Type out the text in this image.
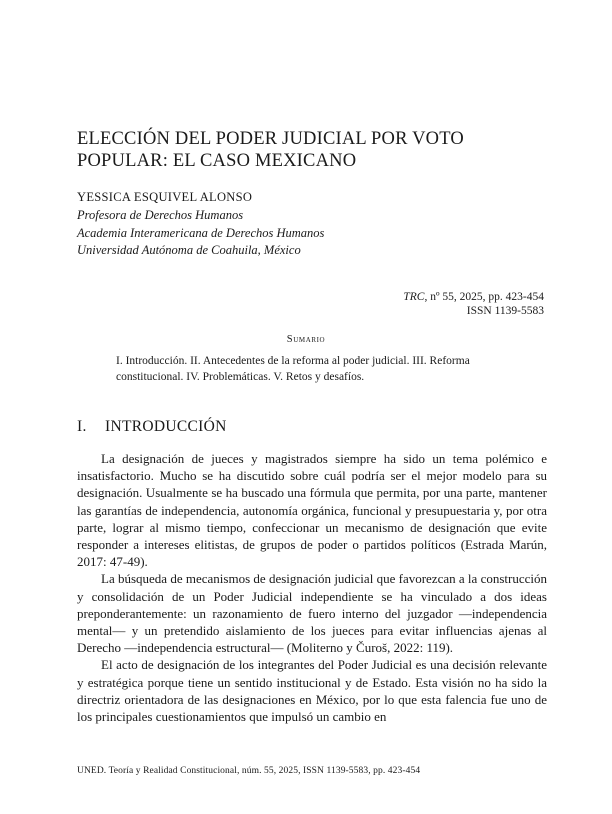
ELECCIÓN DEL PODER JUDICIAL POR VOTO
POPULAR: EL CASO MEXICANO
YESSICA ESQUIVEL ALONSO
Profesora de Derechos Humanos
Academia Interamericana de Derechos Humanos
Universidad Autónoma de Coahuila, México
TRC, nº 55, 2025, pp. 423-454
ISSN 1139-5583
Sumario

I. Introducción. II. Antecedentes de la reforma al poder judicial. III. Reforma constitucional. IV. Problemáticas. V. Retos y desafíos.

I. INTRODUCCIÓN

La designación de jueces y magistrados siempre ha sido un tema polémico e insatisfactorio. Mucho se ha discutido sobre cuál podría ser el mejor modelo para su designación. Usualmente se ha buscado una fórmula que permita, por una parte, mantener las garantías de independencia, autonomía orgánica, funcional y presupuestaria y, por otra parte, lograr al mismo tiempo, confeccionar un mecanismo de designación que evite responder a intereses elitistas, de grupos de poder o partidos políticos (Estrada Marún, 2017: 47-49).

La búsqueda de mecanismos de designación judicial que favorezcan a la construcción y consolidación de un Poder Judicial independiente se ha vinculado a dos ideas preponderantemente: un razonamiento de fuero interno del juzgador —independencia mental— y un pretendido aislamiento de los jueces para evitar influencias ajenas al Derecho —independencia estructural— (Moliterno y Čuroš, 2022: 119).

El acto de designación de los integrantes del Poder Judicial es una decisión relevante y estratégica porque tiene un sentido institucional y de Estado. Esta visión no ha sido la directriz orientadora de las designaciones en México, por lo que esta falencia fue uno de los principales cuestionamientos que impulsó un cambio en

UNED. Teoría y Realidad Constitucional, núm. 55, 2025, ISSN 1139-5583, pp. 423-454
